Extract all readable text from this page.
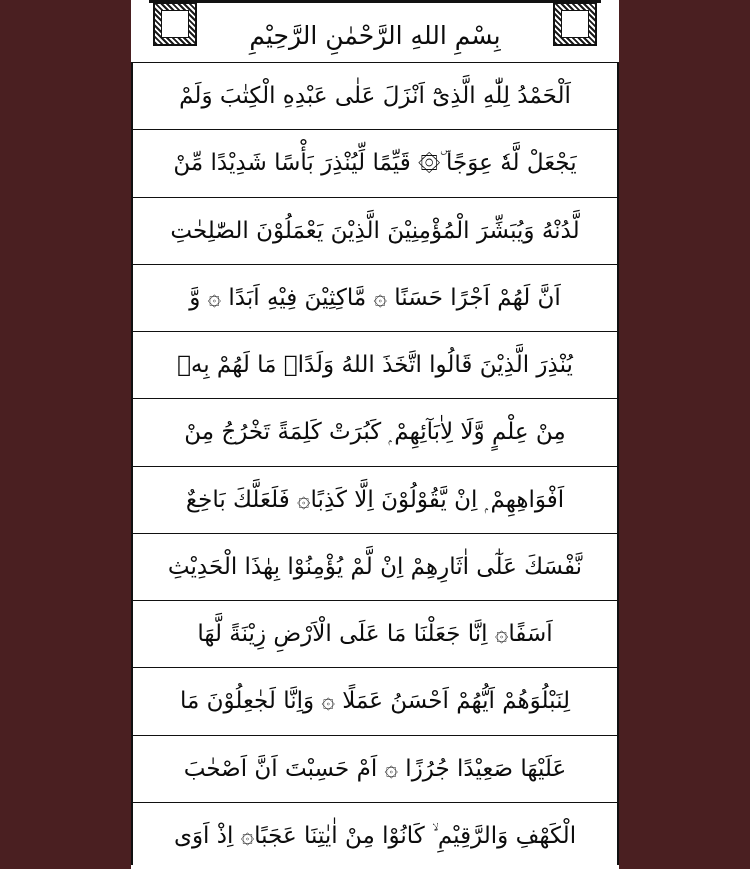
بِسْمِ اللهِ الرَّحْمٰنِ الرَّحِيْمِ
اَلْحَمْدُ لِلّٰهِ الَّذِىْٓ اَنْزَلَ عَلٰى عَبْدِهِ الْكِتٰبَ وَلَمْ
يَجْعَلْ لَّهٗ عِوَجًا ۜ۞ قَيِّمًا لِّيُنْذِرَ بَأْسًا شَدِيْدًا مِّنْ
لَّدُنْهُ وَيُبَشِّرَ الْمُؤْمِنِيْنَ الَّذِيْنَ يَعْمَلُوْنَ الصّٰلِحٰتِ
اَنَّ لَهُمْ اَجْرًا حَسَنًا ۞ مَّاكِثِيْنَ فِيْهِ اَبَدًا ۞ وَّ
يُنْذِرَ الَّذِيْنَ قَالُوا اتَّخَذَ اللهُ وَلَدًا۞ مَا لَهُمْ بِهٖ
مِنْ عِلْمٍ وَّلَا لِاٰبَآئِهِمْ ۭ كَبُرَتْ كَلِمَةً تَخْرُجُ مِنْ
اَفْوَاهِهِمْ ۭ اِنْ يَّقُوْلُوْنَ اِلَّا كَذِبًا۞ فَلَعَلَّكَ بَاخِعٌ
نَّفْسَكَ عَلٰٓى اٰثَارِهِمْ اِنْ لَّمْ يُؤْمِنُوْا بِهٰذَا الْحَدِيْثِ
اَسَفًا۞ اِنَّا جَعَلْنَا مَا عَلَى الْاَرْضِ زِيْنَةً لَّهَا
لِنَبْلُوَهُمْ اَيُّهُمْ اَحْسَنُ عَمَلًا ۞ وَاِنَّا لَجٰعِلُوْنَ مَا
عَلَيْهَا صَعِيْدًا جُرُزًا ۞ اَمْ حَسِبْتَ اَنَّ اَصْحٰبَ
الْكَهْفِ وَالرَّقِيْمِ ۙ كَانُوْا مِنْ اٰيٰتِنَا عَجَبًا۞ اِذْ اَوَى
